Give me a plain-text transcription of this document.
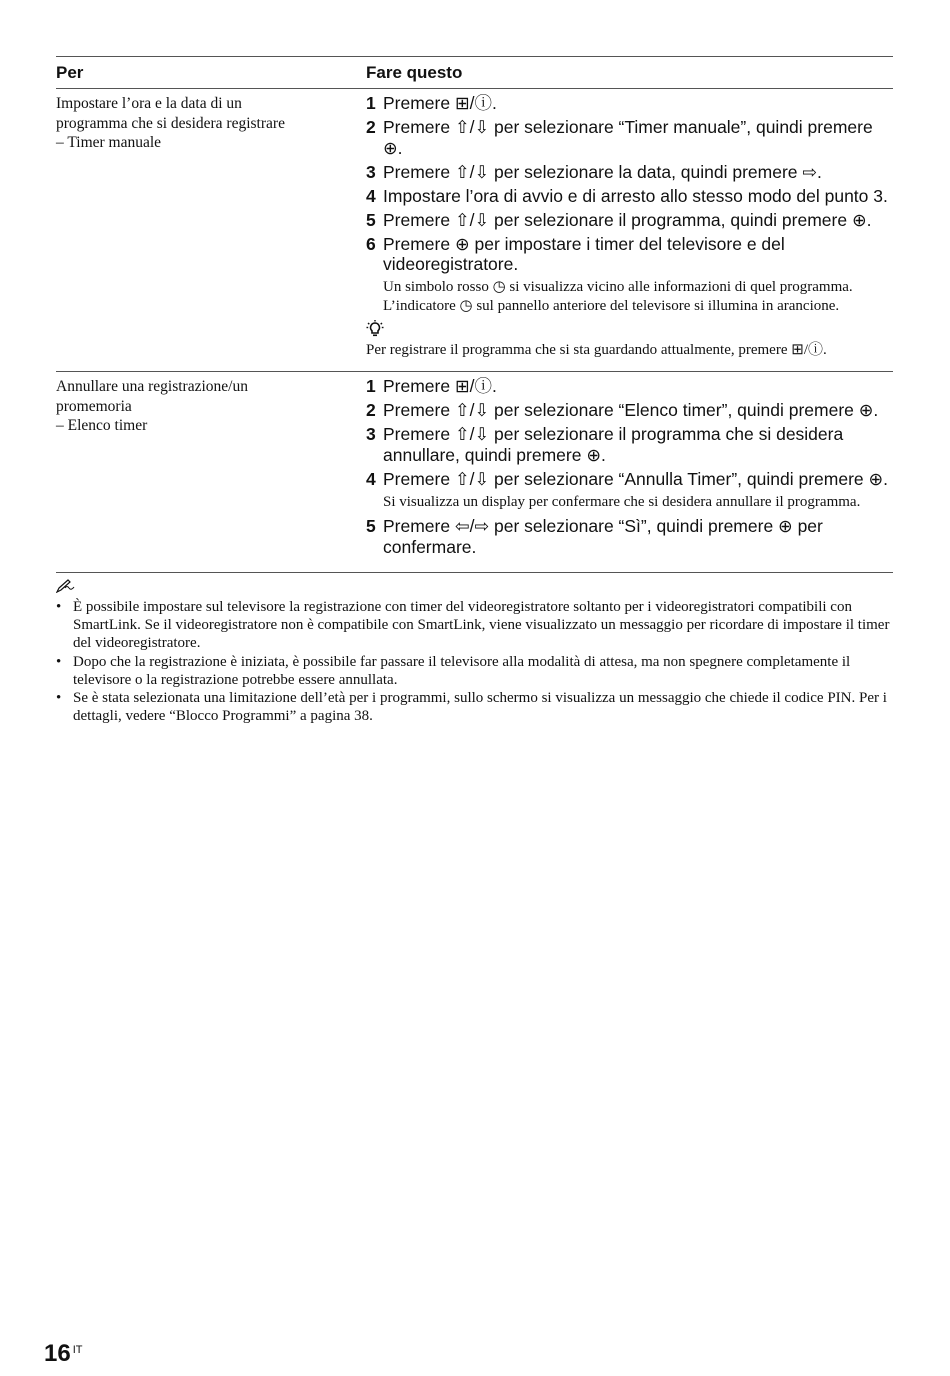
Per	Fare questo
Impostare l’ora e la data di un
programma che si desidera registrare
– Timer manuale
1 Premere ⊞/ⓘ.
2 Premere ⇧/⇩ per selezionare “Timer manuale”, quindi premere ⊕.
3 Premere ⇧/⇩ per selezionare la data, quindi premere ⇨.
4 Impostare l’ora di avvio e di arresto allo stesso modo del punto 3.
5 Premere ⇧/⇩ per selezionare il programma, quindi premere ⊕.
6 Premere ⊕ per impostare i timer del televisore e del videoregistratore.
Un simbolo rosso ◷ si visualizza vicino alle informazioni di quel programma. L’indicatore ◷ sul pannello anteriore del televisore si illumina in arancione.
Per registrare il programma che si sta guardando attualmente, premere ⊞/ⓘ.
Annullare una registrazione/un
promemoria
– Elenco timer
1 Premere ⊞/ⓘ.
2 Premere ⇧/⇩ per selezionare “Elenco timer”, quindi premere ⊕.
3 Premere ⇧/⇩ per selezionare il programma che si desidera annullare, quindi premere ⊕.
4 Premere ⇧/⇩ per selezionare “Annulla Timer”, quindi premere ⊕.
Si visualizza un display per confermare che si desidera annullare il programma.
5 Premere ⇦/⇨ per selezionare “Sì”, quindi premere ⊕ per confermare.
• È possibile impostare sul televisore la registrazione con timer del videoregistratore soltanto per i videoregistratori compatibili con SmartLink. Se il videoregistratore non è compatibile con SmartLink, viene visualizzato un messaggio per ricordare di impostare il timer del videoregistratore.
• Dopo che la registrazione è iniziata, è possibile far passare il televisore alla modalità di attesa, ma non spegnere completamente il televisore o la registrazione potrebbe essere annullata.
• Se è stata selezionata una limitazione dell’età per i programmi, sullo schermo si visualizza un messaggio che chiede il codice PIN. Per i dettagli, vedere “Blocco Programmi” a pagina 38.
16 $^{IT}$
